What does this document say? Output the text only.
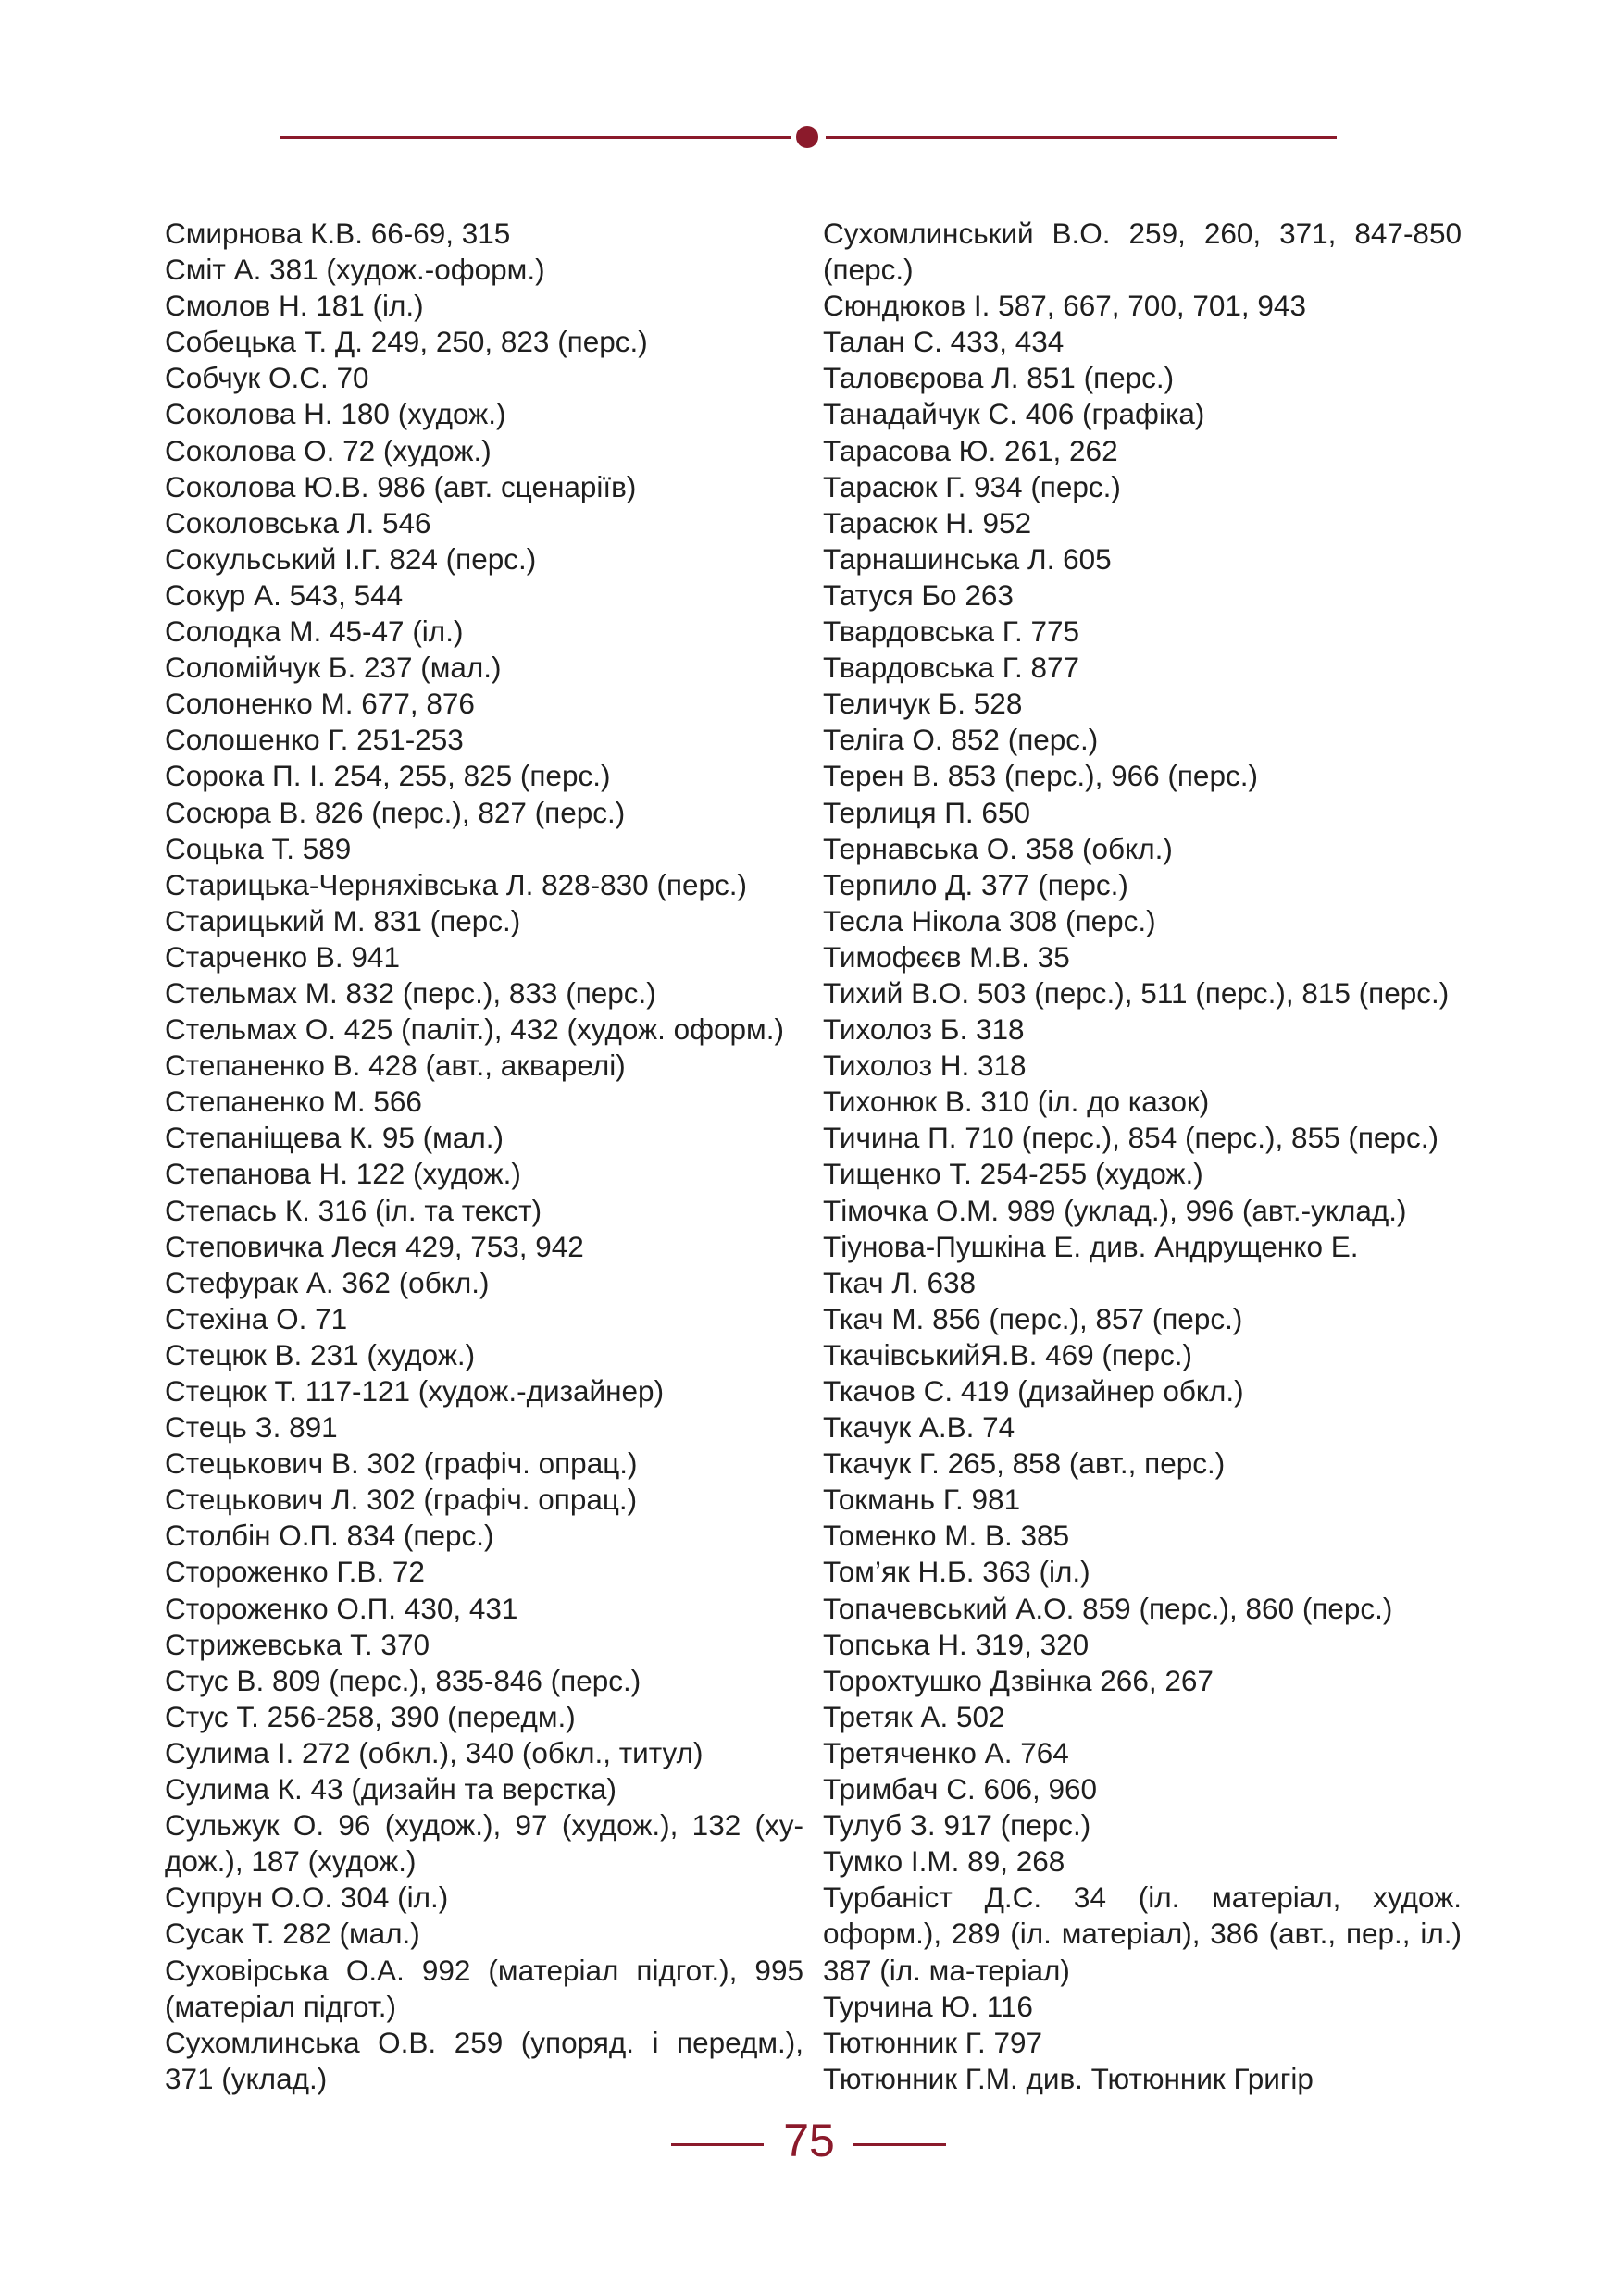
Смирнова К.В. 66-69, 315
Сміт А. 381 (худож.-оформ.)
Смолов Н. 181 (іл.)
Собецька Т. Д. 249, 250, 823 (перс.)
Собчук О.С. 70
Соколова Н. 180 (худож.)
Соколова О. 72 (худож.)
Соколова Ю.В. 986 (авт. сценаріїв)
Соколовська Л. 546
Сокульський І.Г. 824 (перс.)
Сокур А. 543, 544
Солодка М. 45-47 (іл.)
Соломійчук Б. 237 (мал.)
Солоненко М. 677, 876
Солошенко Г. 251-253
Сорока П. І. 254, 255, 825 (перс.)
Сосюра В. 826 (перс.), 827 (перс.)
Соцька Т. 589
Старицька-Черняхівська Л. 828-830 (перс.)
Старицький М. 831 (перс.)
Старченко В. 941
Стельмах М. 832 (перс.), 833 (перс.)
Стельмах О. 425 (паліт.), 432 (худож. оформ.)
Степаненко В. 428 (авт., акварелі)
Степаненко М. 566
Степаніщева К. 95 (мал.)
Степанова Н. 122 (худож.)
Степась К. 316 (іл. та текст)
Степовичка Леся 429, 753, 942
Стефурак А. 362 (обкл.)
Стехіна О. 71
Стецюк В. 231 (худож.)
Стецюк Т. 117-121 (худож.-дизайнер)
Стець З. 891
Стецькович В. 302 (графіч. опрац.)
Стецькович Л. 302 (графіч. опрац.)
Столбін О.П. 834 (перс.)
Стороженко Г.В. 72
Стороженко О.П. 430, 431
Стрижевська Т. 370
Стус В. 809 (перс.), 835-846 (перс.)
Стус Т. 256-258, 390 (передм.)
Сулима І. 272 (обкл.), 340 (обкл., титул)
Сулима К. 43 (дизайн та верстка)
Сульжук О. 96 (худож.), 97 (худож.), 132 (ху-дож.), 187 (худож.)
Супрун О.О. 304 (іл.)
Сусак Т. 282 (мал.)
Суховірська О.А. 992 (матеріал підгот.), 995 (матеріал підгот.)
Сухомлинська О.В. 259 (упоряд. і передм.), 371 (уклад.)
Сухомлинський В.О. 259, 260, 371, 847-850 (перс.)
Сюндюков І. 587, 667, 700, 701, 943
Талан С. 433, 434
Таловєрова Л. 851 (перс.)
Танадайчук С. 406 (графіка)
Тарасова Ю. 261, 262
Тарасюк Г. 934 (перс.)
Тарасюк Н. 952
Тарнашинська Л. 605
Татуся Бо 263
Твардовська Г. 775
Твардовська Г. 877
Теличук Б. 528
Теліга О. 852 (перс.)
Терен В. 853 (перс.), 966 (перс.)
Терлиця П. 650
Тернавська О. 358 (обкл.)
Терпило Д. 377 (перс.)
Тесла Нікола 308 (перс.)
Тимофєєв М.В. 35
Тихий В.О. 503 (перс.), 511 (перс.), 815 (перс.)
Тихолоз Б. 318
Тихолоз Н. 318
Тихонюк В. 310 (іл. до казок)
Тичина П. 710 (перс.), 854 (перс.), 855 (перс.)
Тищенко Т. 254-255 (худож.)
Тімочка О.М. 989 (уклад.), 996 (авт.-уклад.)
Тіунова-Пушкіна Е. див. Андрущенко Е.
Ткач Л. 638
Ткач М. 856 (перс.), 857 (перс.)
ТкачівськийЯ.В. 469 (перс.)
Ткачов С. 419 (дизайнер обкл.)
Ткачук А.В. 74
Ткачук Г. 265, 858 (авт., перс.)
Токмань Г. 981
Томенко М. В. 385
Том’як Н.Б. 363 (іл.)
Топачевський А.О. 859 (перс.), 860 (перс.)
Топська Н. 319, 320
Торохтушко Дзвінка 266, 267
Третяк А. 502
Третяченко А. 764
Тримбач С. 606, 960
Тулуб З. 917 (перс.)
Тумко І.М. 89, 268
Турбаніст Д.С. 34 (іл. матеріал, худож. оформ.), 289 (іл. матеріал), 386 (авт., пер., іл.) 387 (іл. ма-теріал)
Турчина Ю. 116
Тютюнник Г. 797
Тютюнник Г.М. див. Тютюнник Григір
75
